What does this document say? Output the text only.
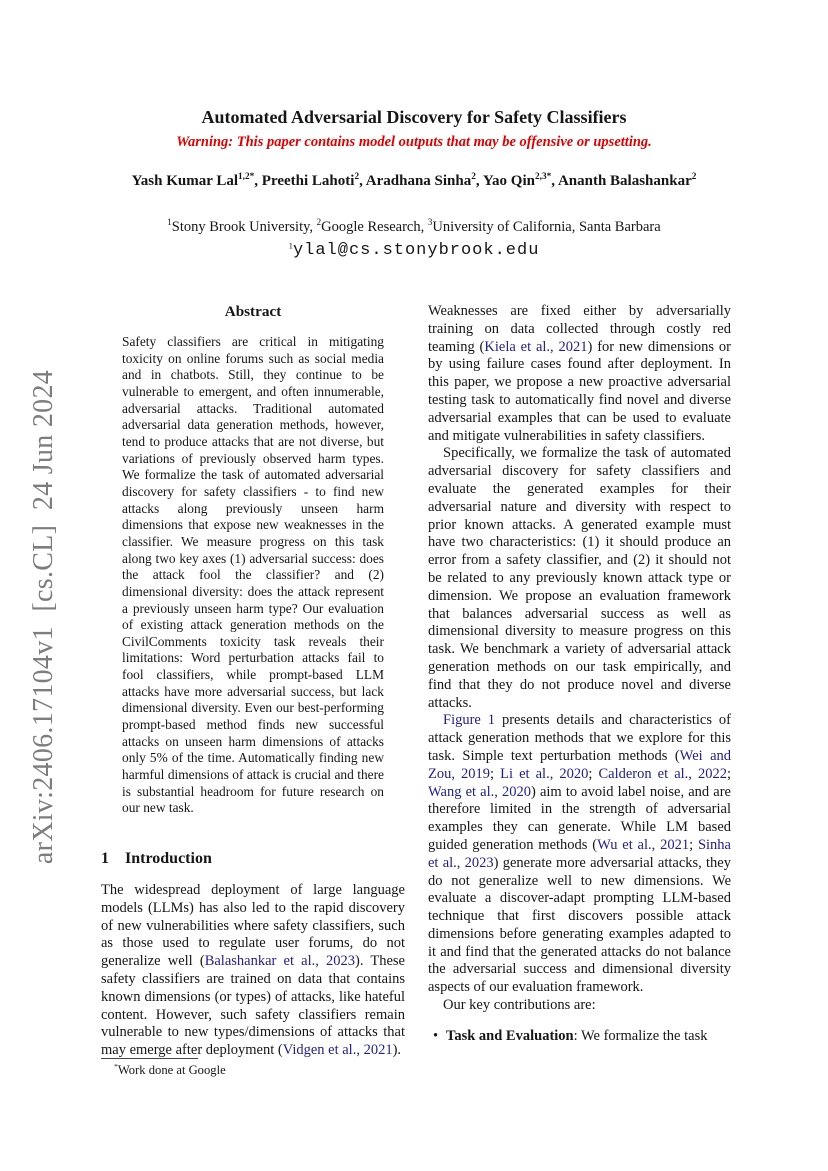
arXiv:2406.17104v1  [cs.CL]  24 Jun 2024
Automated Adversarial Discovery for Safety Classifiers
Warning: This paper contains model outputs that may be offensive or upsetting.
Yash Kumar Lal$^{1,2*}$, Preethi Lahoti$^2$, Aradhana Sinha$^2$, Yao Qin$^{2,3*}$, Ananth Balashankar$^2$
$^1$Stony Brook University, $^2$Google Research, $^3$University of California, Santa Barbara
$^1$ylal@cs.stonybrook.edu
Abstract
Safety classifiers are critical in mitigating toxicity on online forums such as social media and in chatbots. Still, they continue to be vulnerable to emergent, and often innumerable, adversarial attacks. Traditional automated adversarial data generation methods, however, tend to produce attacks that are not diverse, but variations of previously observed harm types. We formalize the task of automated adversarial discovery for safety classifiers - to find new attacks along previously unseen harm dimensions that expose new weaknesses in the classifier. We measure progress on this task along two key axes (1) adversarial success: does the attack fool the classifier? and (2) dimensional diversity: does the attack represent a previously unseen harm type? Our evaluation of existing attack generation methods on the CivilComments toxicity task reveals their limitations: Word perturbation attacks fail to fool classifiers, while prompt-based LLM attacks have more adversarial success, but lack dimensional diversity. Even our best-performing prompt-based method finds new successful attacks on unseen harm dimensions of attacks only 5% of the time. Automatically finding new harmful dimensions of attack is crucial and there is substantial headroom for future research on our new task.
1 Introduction

The widespread deployment of large language models (LLMs) has also led to the rapid discovery of new vulnerabilities where safety classifiers, such as those used to regulate user forums, do not generalize well (Balashankar et al., 2023). These safety classifiers are trained on data that contains known dimensions (or types) of attacks, like hateful content. However, such safety classifiers remain vulnerable to new types/dimensions of attacks that may emerge after deployment (Vidgen et al., 2021).

Weaknesses are fixed either by adversarially training on data collected through costly red teaming (Kiela et al., 2021) for new dimensions or by using failure cases found after deployment. In this paper, we propose a new proactive adversarial testing task to automatically find novel and diverse adversarial examples that can be used to evaluate and mitigate vulnerabilities in safety classifiers.

Specifically, we formalize the task of automated adversarial discovery for safety classifiers and evaluate the generated examples for their adversarial nature and diversity with respect to prior known attacks. A generated example must have two characteristics: (1) it should produce an error from a safety classifier, and (2) it should not be related to any previously known attack type or dimension. We propose an evaluation framework that balances adversarial success as well as dimensional diversity to measure progress on this task. We benchmark a variety of adversarial attack generation methods on our task empirically, and find that they do not produce novel and diverse attacks.

Figure 1 presents details and characteristics of attack generation methods that we explore for this task. Simple text perturbation methods (Wei and Zou, 2019; Li et al., 2020; Calderon et al., 2022; Wang et al., 2020) aim to avoid label noise, and are therefore limited in the strength of adversarial examples they can generate. While LM based guided generation methods (Wu et al., 2021; Sinha et al., 2023) generate more adversarial attacks, they do not generalize well to new dimensions. We evaluate a discover-adapt prompting LLM-based technique that first discovers possible attack dimensions before generating examples adapted to it and find that the generated attacks do not balance the adversarial success and dimensional diversity aspects of our evaluation framework.

Our key contributions are:

• Task and Evaluation: We formalize the task
*Work done at Google
